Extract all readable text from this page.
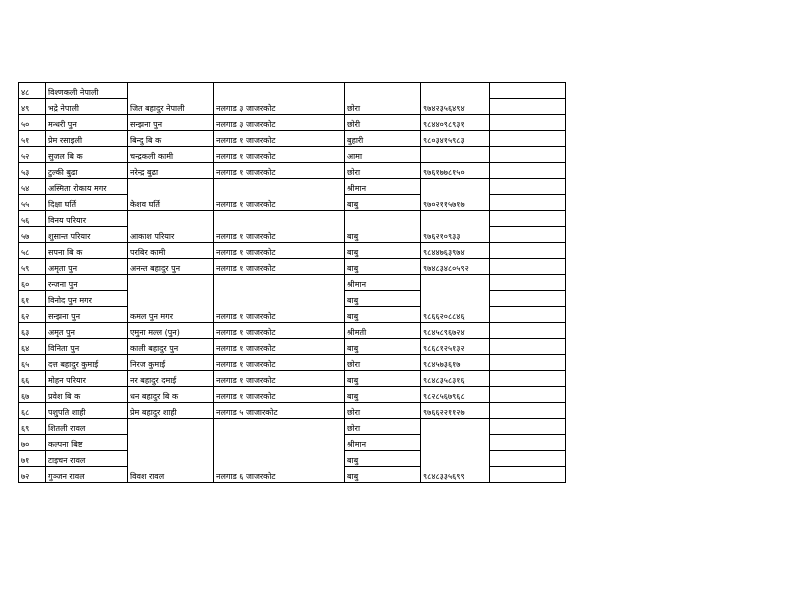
४८	विश्णकली नेपाली	जित बहादुर नेपाली	नलगाड ३ जाजरकोट	छोरा	९७४२३५६४९४	
४९	भद्रे नेपाली					
५०	मन्धरी पुन	सन्झना पुन	नलगाड ३ जाजरकोट	छोरी	९८४४०९८९३१	
५१	प्रेम रसाइली	बिन्दु बि क	नलगाड १ जाजरकोट	बुहारी	९८०३४१५९८३	
५२	सुजल बि क	चन्द्रकली कामी	नलगाड १ जाजरकोट	आमा		
५३	टुल्की बुढा	नरेन्द्र बुढा	नलगाड १ जाजरकोट	छोरा	९७६१७७८१५०	
५४	अस्मिता रोकाय मगर	केशव घर्ति	नलगाड १ जाजरकोट	श्रीमान	९७०२११५७१७	
५५	दिक्षा घर्ति			बाबु		
५६	विनय परियार	आकाश परियार	नलगाड १ जाजरकोट	बाबु	९७६२१०९३३	
५७	शुसान्त परियार					
५८	सपना बि क	परबिर कामी	नलगाड १ जाजरकोट	बाबु	९८४४७६३९७४	
५९	अमृता पुन	अनन्त बहादुर पुन	नलगाड १ जाजरकोट	बाबु	९७४८३४८०५९२	
६०	रन्जना पुन	कमल पुन मगर	नलगाड १ जाजरकोट	श्रीमान	९८६६२०८८४६	
६१	विनोद पुन मगर			बाबु		
६२	सन्झना पुन			बाबु		
६३	अमृत पुन	एमुना मल्ल (पुन)	नलगाड १ जाजरकोट	श्रीमती	९८४५८९६७२४	
६४	विनिता पुन	काली बहादुर पुन	नलगाड १ जाजरकोट	बाबु	९८६८१२५१३२	
६५	दत्त बहादुर कुमाई	निरज कुमाई	नलगाड १ जाजरकोट	छोरा	९८४५७३६१७	
६६	मोहन परियार	नर बहादुर दमाई	नलगाड १ जाजरकोट	बाबु	९८४८३५८३१६	
६७	प्रवेश बि क	धन बहादुर बि क	नलगाड १ जाजरकोट	बाबु	९८२८५६७९६८	
६८	पशुपति शाही	प्रेम बहादुर शाही	नलगाड ५ जाजारकोट	छोरा	९७६६२२११२७	
६९	शितली रावल	विवश रावल	नलगाड ६ जाजरकोट	छोरा	९८४८३३५६९९	
७०	कल्पना बिष्ट			श्रीमान		
७१	टाइचन रावल			बाबु		
७२	गुञ्जन रावल			बाबु		
